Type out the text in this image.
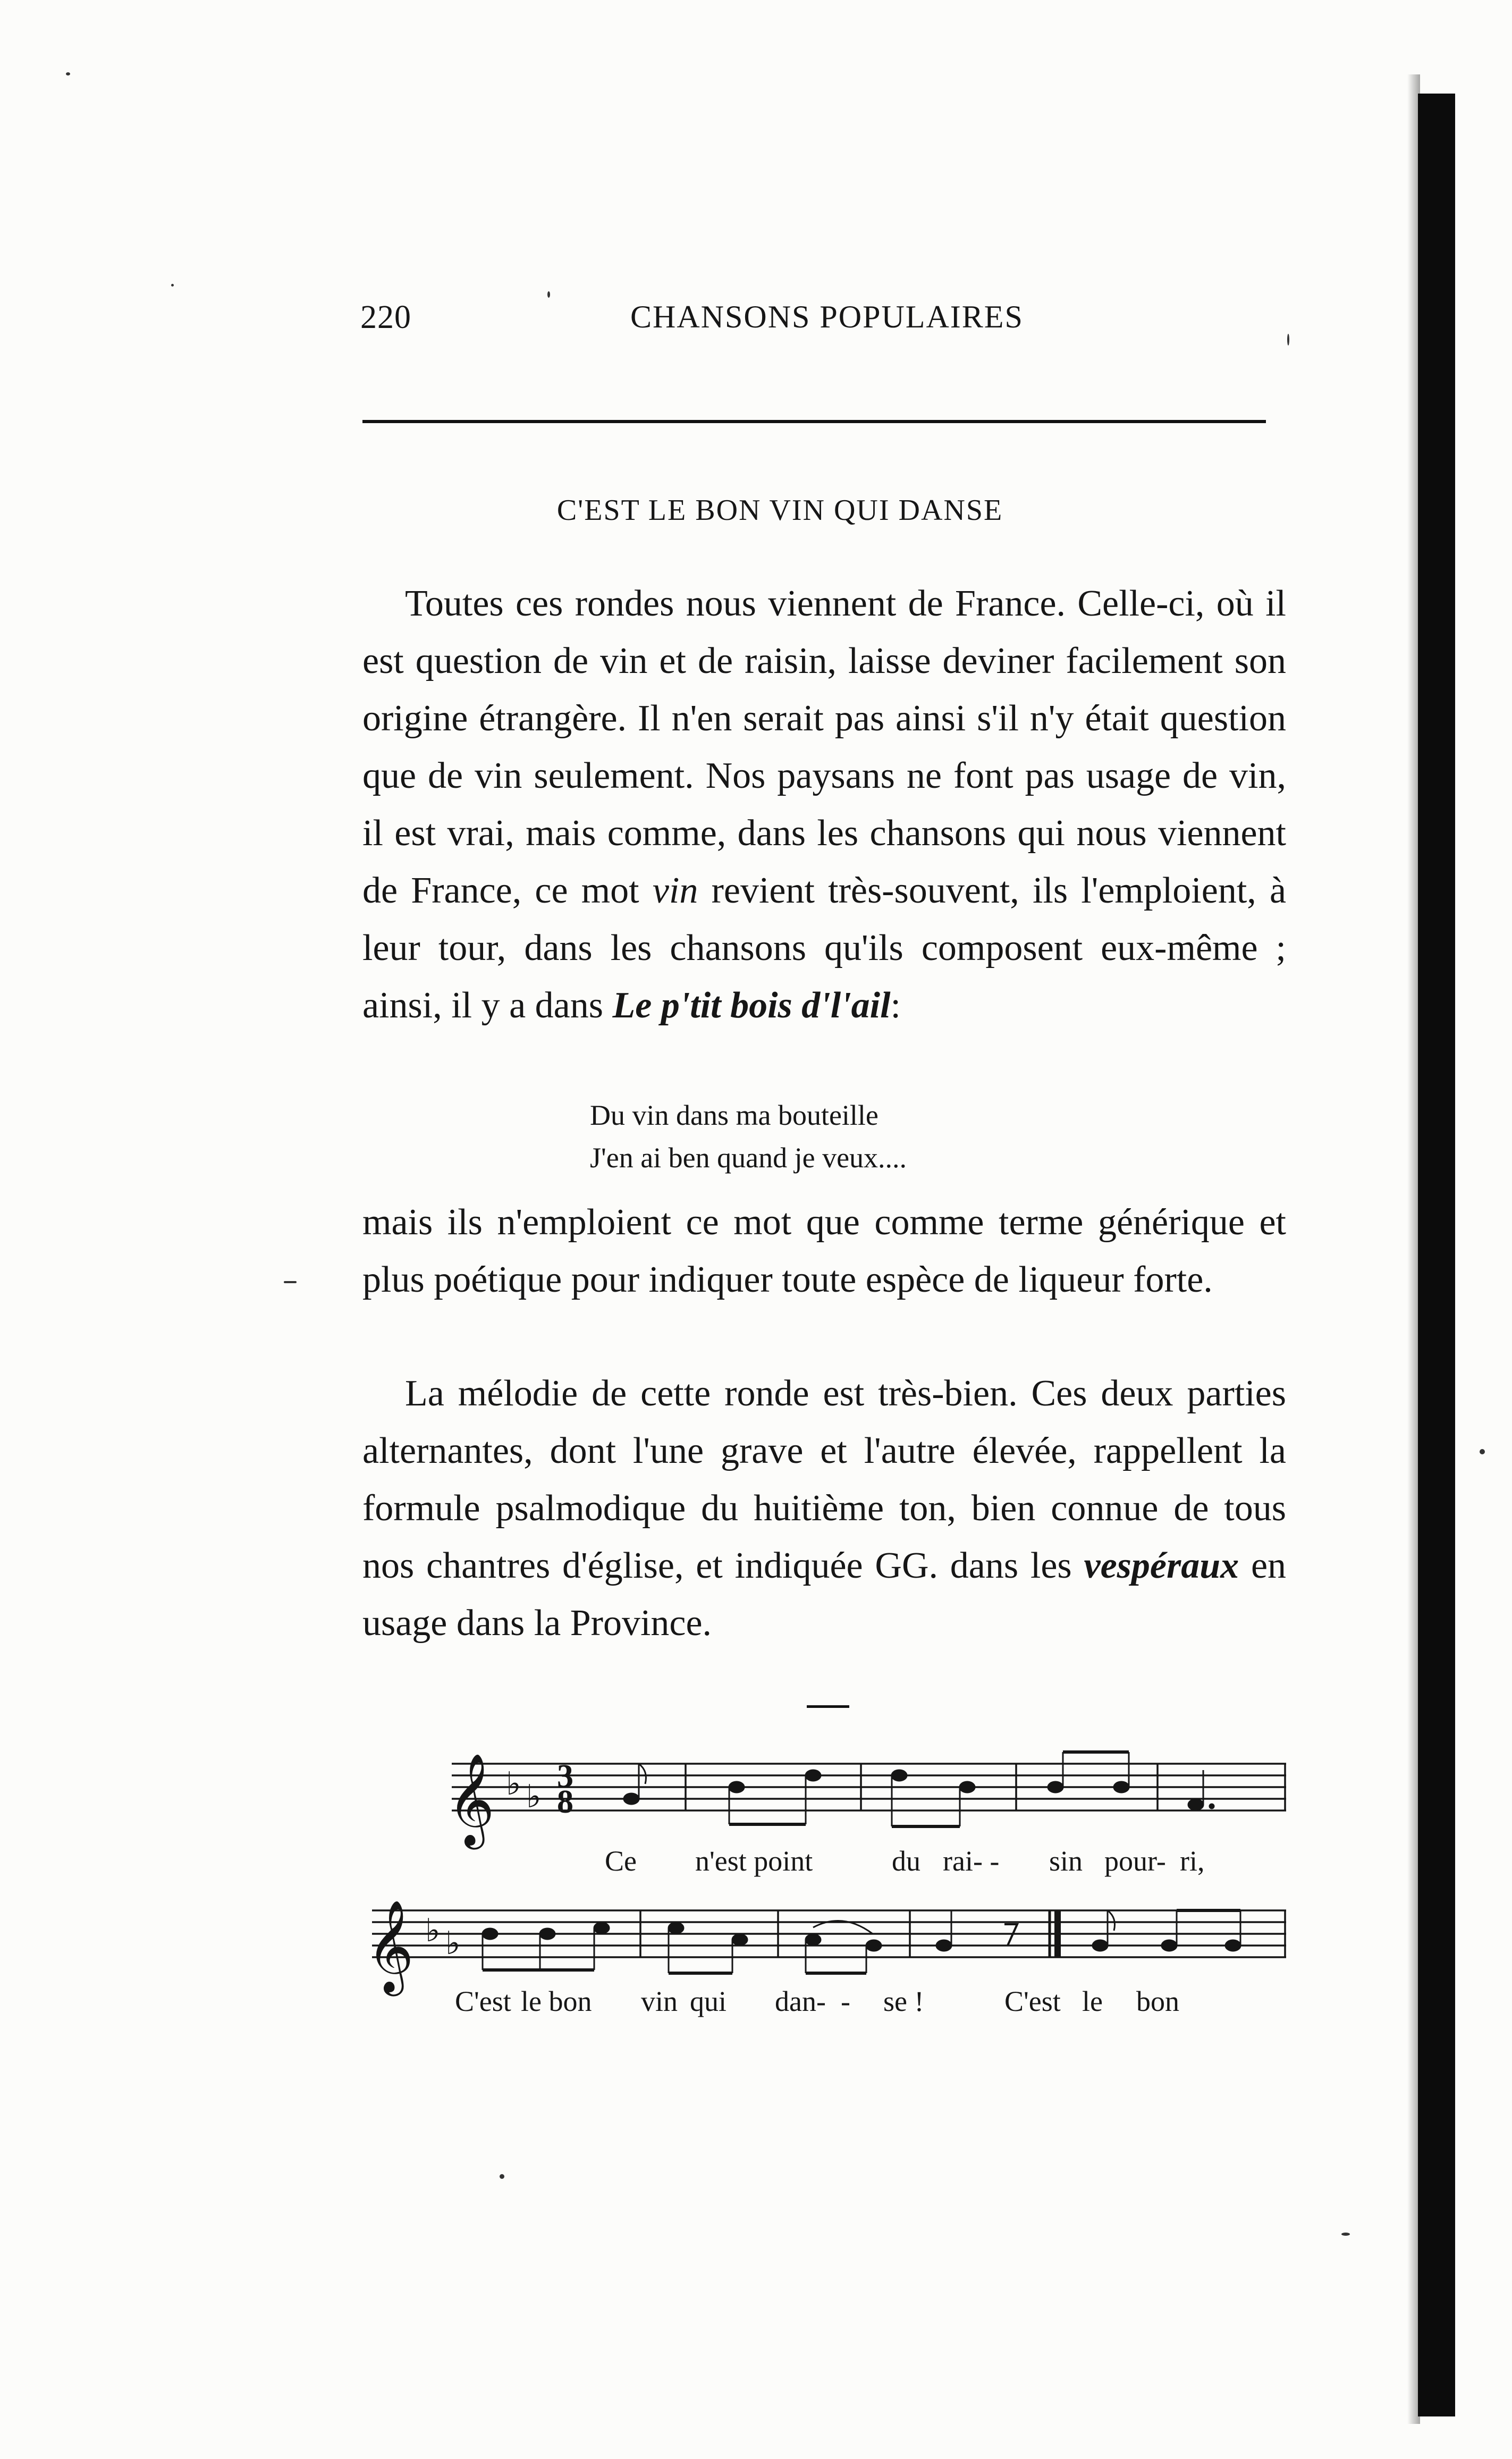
220	CHANSONS POPULAIRES
C'EST LE BON VIN QUI DANSE

Toutes ces rondes nous viennent de France. Celle-ci, où il est question de vin et de raisin, laisse deviner facilement son origine étrangère. Il n'en serait pas ainsi s'il n'y était question que de vin seulement. Nos paysans ne font pas usage de vin, il est vrai, mais comme, dans les chansons qui nous viennent de France, ce mot vin revient très-souvent, ils l'emploient, à leur tour, dans les chansons qu'ils composent eux-même ; ainsi, il y a dans Le p'tit bois d'l'ail:

Du vin dans ma bouteille
J'en ai ben quand je veux....

mais ils n'emploient ce mot que comme terme générique et plus poétique pour indiquer toute espèce de liqueur forte.

La mélodie de cette ronde est très-bien. Ces deux parties alternantes, dont l'une grave et l'autre élevée, rappellent la formule psalmodique du huitième ton, bien connue de tous nos chantres d'église, et indiquée GG. dans les vespéraux en usage dans la Province.

𝄞 ♭ ♭
3
8
𝄞 ♭ ♭
Ce n'est point	du rai- - sin pour- ri,
C'est le bon vin qui dan- - se !	C'est le bon
